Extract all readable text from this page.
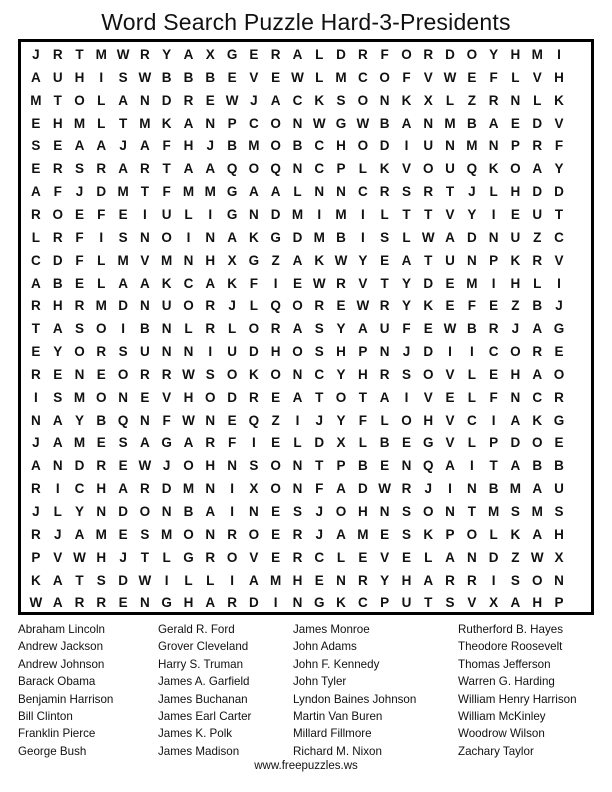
Word Search Puzzle Hard-3-Presidents
J R T M W R Y A X G E R A L D R F O R D O Y H M	I
A U H	I	S W B B B E V E W L M C O F V W E F	L V H
M T O L A N D R E W J A C K S O N K X L	Z R N L K
E H M L	T M K A N P C O N W G W B A N M B A E D V
S E A A J A F H J B M O B C H O D	I	U N M N P R F
E R S R A R T A A Q O Q N C P L K V O U Q K O A Y
A F	J D M T	F M M G A A L N N C R S R T	J	L H D D
R O E F E	I	U L	I	G N D M	I	M	I	L	T	T V Y	I	E U T
L R F	I	S N O	I	N A K G D M B	I	S L W A D N U Z C
C D F	L M V M N H X G Z A K W Y E A T U N P K R V
A B E L A A K C A K F	I	E W R V T Y D E M	I	H L	I
R H R M D N U O R J	L Q O R E W R Y K E F E Z B J
T A S O	I	B N L R L O R A S Y A U F E W B R J A G
E Y O R S U N N	I	U D H O S H P N J D	I	I	C O R E
R E N E O R R W S O K O N C Y H R S O V L E H A O
I	S M O N E V H O D R E A T O T A	I	V E L	F N C R
N A Y B Q N F W N E Q Z	I	J	Y F	L O H V C	I	A K G
J A M E S A G A R F	I	E L D X L B E G V L P D O E
A N D R E W J O H N S O N T P B E N Q A	I	T A B B
R	I	C H A R D M N	I	X O N F A D W R J	I	N B M A U
J	L Y N D O N B A	I	N E S	J O H N S O N T M S M S
R J A M E S M O N R O E R J A M E S K P O L K A H
P V W H J	T	L G R O V E R C L E V E L A N D Z W X
K A T S D W	I	L	L	I	A M H E N R Y H A R R	I	S O N
W A R R E N G H A R D	I	N G K C P U T S V X A H P
Abraham Lincoln
Andrew Jackson
Andrew Johnson
Barack Obama
Benjamin Harrison
Bill Clinton
Franklin Pierce
George Bush
Gerald R. Ford
Grover Cleveland
Harry S. Truman
James A. Garfield
James Buchanan
James Earl Carter
James K. Polk
James Madison
James Monroe
John Adams
John F. Kennedy
John Tyler
Lyndon Baines Johnson
Martin Van Buren
Millard Fillmore
Richard M. Nixon
Rutherford B. Hayes
Theodore Roosevelt
Thomas Jefferson
Warren G. Harding
William Henry Harrison
William McKinley
Woodrow Wilson
Zachary Taylor
www.freepuzzles.ws
